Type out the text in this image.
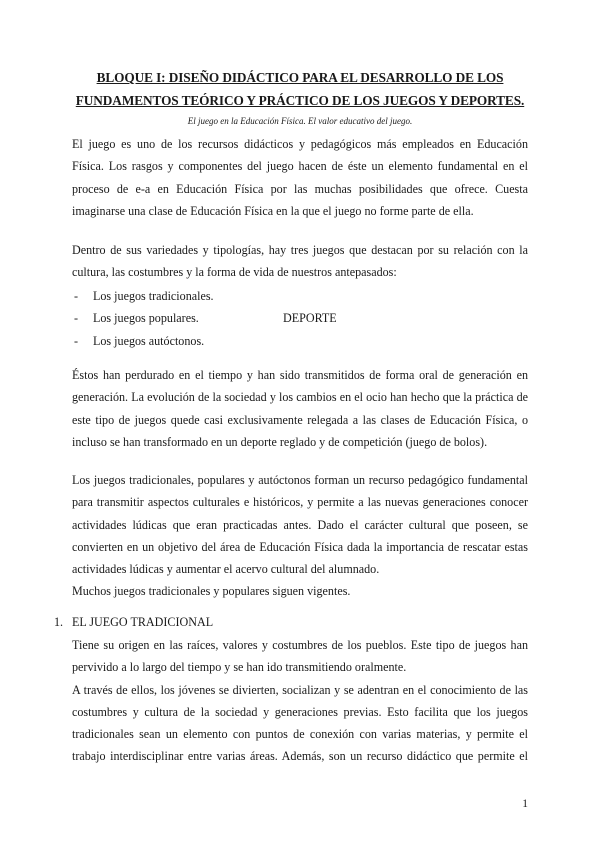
BLOQUE I: DISEÑO DIDÁCTICO PARA EL DESARROLLO DE LOS
FUNDAMENTOS TEÓRICO Y PRÁCTICO DE LOS JUEGOS Y DEPORTES.
El juego en la Educación Física. El valor educativo del juego.
El juego es uno de los recursos didácticos y pedagógicos más empleados en Educación
Física. Los rasgos y componentes del juego hacen de éste un elemento fundamental en el
proceso de e-a en Educación Física por las muchas posibilidades que ofrece. Cuesta
imaginarse una clase de Educación Física en la que el juego no forme parte de ella.
Dentro de sus variedades y tipologías, hay tres juegos que destacan por su relación con la
cultura, las costumbres y la forma de vida de nuestros antepasados:
- Los juegos tradicionales.
- Los juegos populares.
- Los juegos autóctonos.
DEPORTE
Éstos han perdurado en el tiempo y han sido transmitidos de forma oral de generación en
generación. La evolución de la sociedad y los cambios en el ocio han hecho que la práctica de
este tipo de juegos quede casi exclusivamente relegada a las clases de Educación Física, o
incluso se han transformado en un deporte reglado y de competición (juego de bolos).
Los juegos tradicionales, populares y autóctonos forman un recurso pedagógico fundamental
para transmitir aspectos culturales e históricos, y permite a las nuevas generaciones conocer
actividades lúdicas que eran practicadas antes. Dado el carácter cultural que poseen, se
convierten en un objetivo del área de Educación Física dada la importancia de rescatar estas
actividades lúdicas y aumentar el acervo cultural del alumnado.
Muchos juegos tradicionales y populares siguen vigentes.
1. EL JUEGO TRADICIONAL
Tiene su origen en las raíces, valores y costumbres de los pueblos. Este tipo de juegos han
pervivido a lo largo del tiempo y se han ido transmitiendo oralmente.
A través de ellos, los jóvenes se divierten, socializan y se adentran en el conocimiento de las
costumbres y cultura de la sociedad y generaciones previas. Esto facilita que los juegos
tradicionales sean un elemento con puntos de conexión con varias materias, y permite el
trabajo interdisciplinar entre varias áreas. Además, son un recurso didáctico que permite el
1
